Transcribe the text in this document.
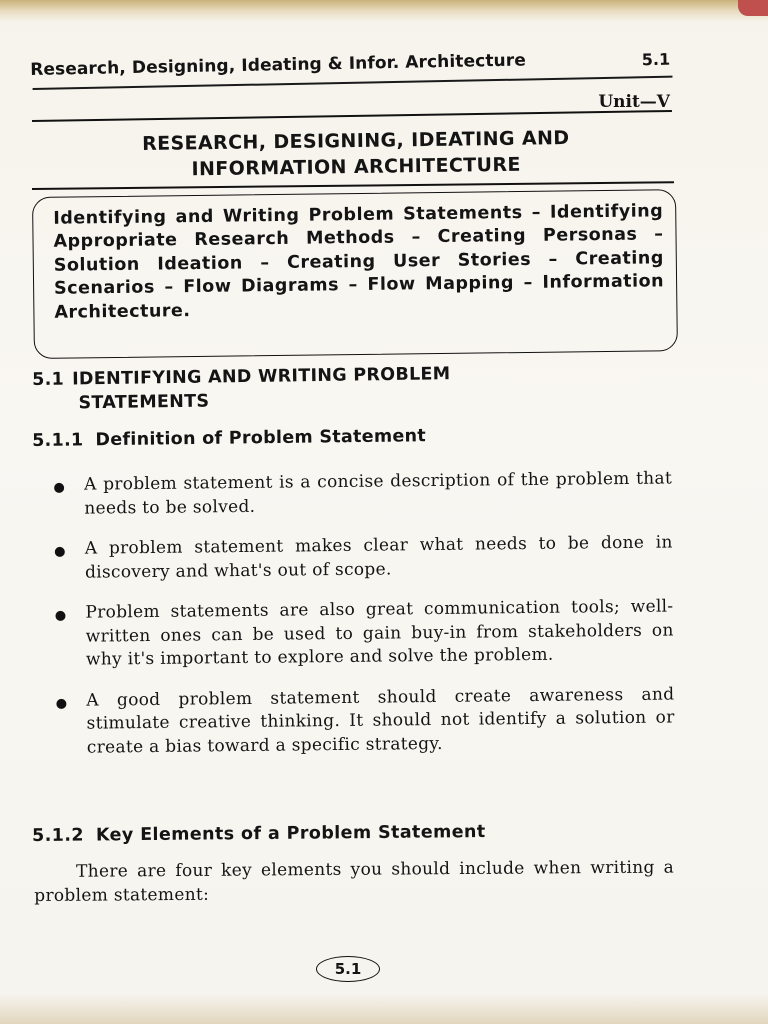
Research, Designing, Ideating & Infor. Architecture	5.1
Unit—V
RESEARCH, DESIGNING, IDEATING AND
INFORMATION ARCHITECTURE
Identifying and Writing Problem Statements – Identifying Appropriate Research Methods – Creating Personas – Solution Ideation – Creating User Stories – Creating Scenarios – Flow Diagrams – Flow Mapping – Information Architecture.
5.1 IDENTIFYING AND WRITING PROBLEM
STATEMENTS
5.1.1 Definition of Problem Statement
A problem statement is a concise description of the problem that needs to be solved.
A problem statement makes clear what needs to be done in discovery and what's out of scope.
Problem statements are also great communication tools; well-written ones can be used to gain buy-in from stakeholders on why it's important to explore and solve the problem.
A good problem statement should create awareness and stimulate creative thinking. It should not identify a solution or create a bias toward a specific strategy.
5.1.2 Key Elements of a Problem Statement
There are four key elements you should include when writing a problem statement:
5.1
